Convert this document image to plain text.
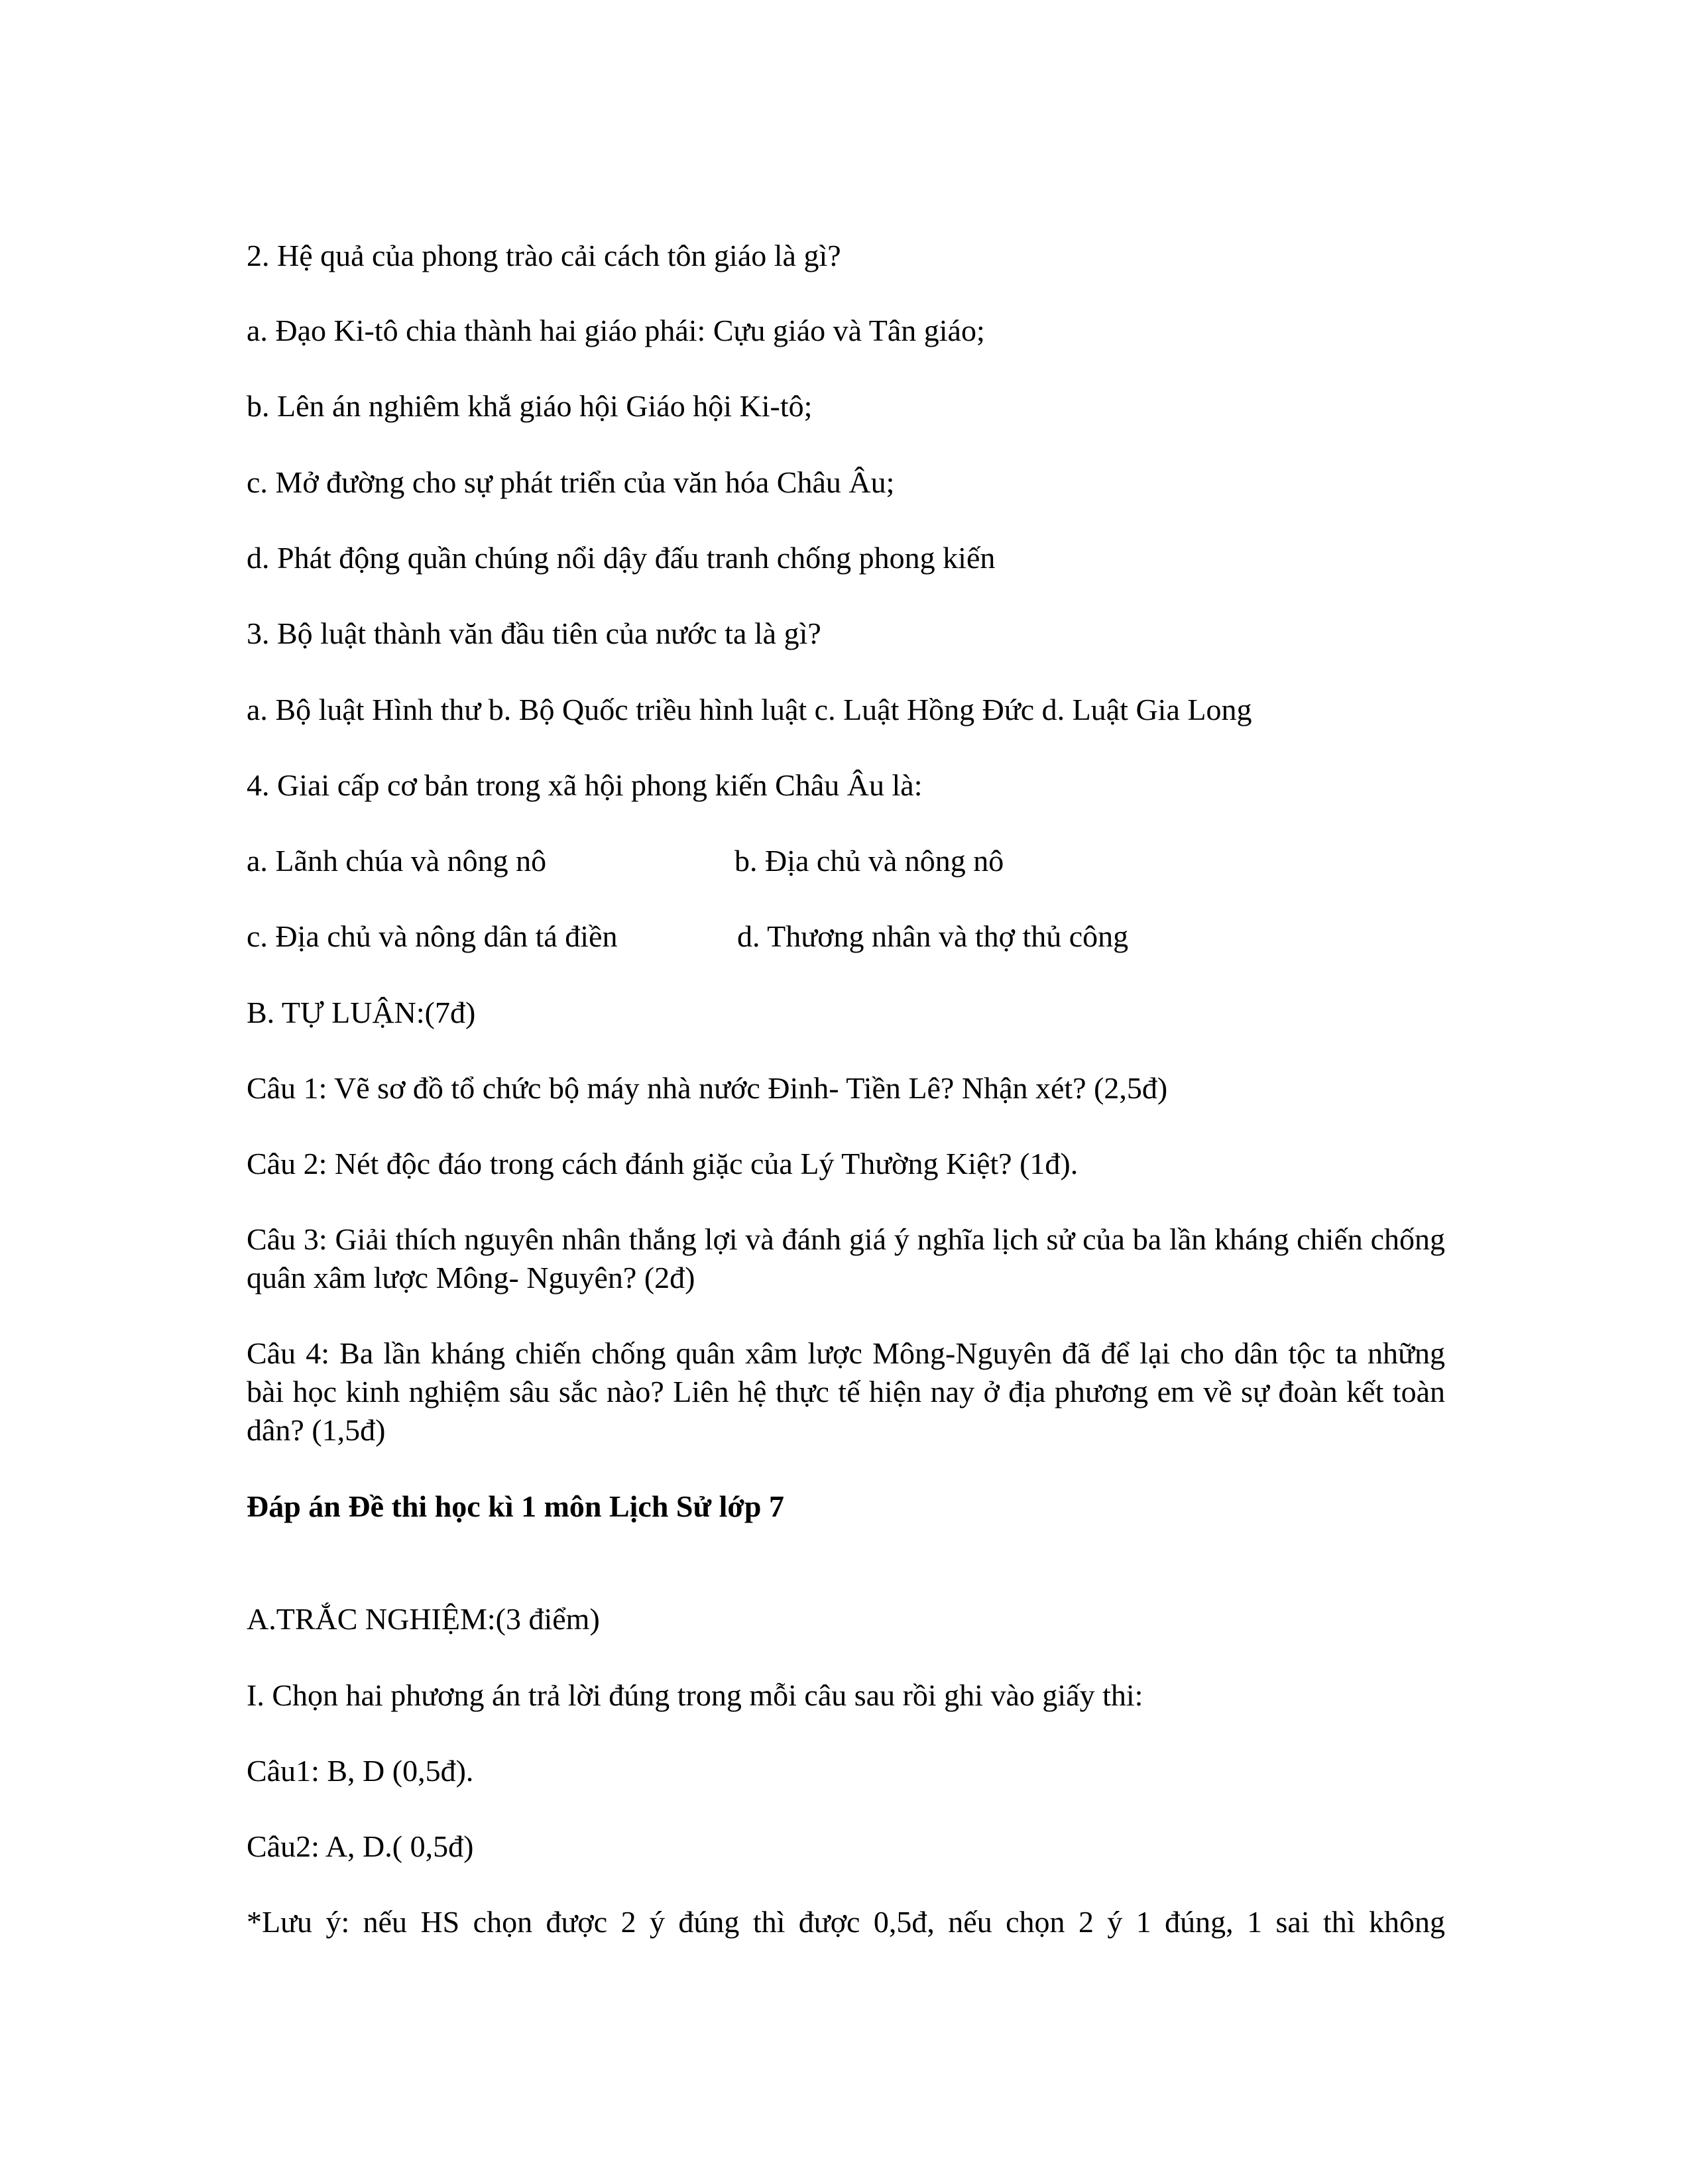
2. Hệ quả của phong trào cải cách tôn giáo là gì?
a. Đạo Ki-tô chia thành hai giáo phái: Cựu giáo và Tân giáo;
b. Lên án nghiêm khắ giáo hội Giáo hội Ki-tô;
c. Mở đường cho sự phát triển của văn hóa Châu Âu;
d. Phát động quần chúng nổi dậy đấu tranh chống phong kiến
3. Bộ luật thành văn đầu tiên của nước ta là gì?
a. Bộ luật Hình thư b. Bộ Quốc triều hình luật c. Luật Hồng Đức d. Luật Gia Long
4. Giai cấp cơ bản trong xã hội phong kiến Châu Âu là:
a. Lãnh chúa và nông nô	b. Địa chủ và nông nô
c. Địa chủ và nông dân tá điền	d. Thương nhân và thợ thủ công
B. TỰ LUẬN:(7đ)
Câu 1: Vẽ sơ đồ tổ chức bộ máy nhà nước Đinh- Tiền Lê? Nhận xét? (2,5đ)
Câu 2: Nét độc đáo trong cách đánh giặc của Lý Thường Kiệt? (1đ).
Câu 3: Giải thích nguyên nhân thắng lợi và đánh giá ý nghĩa lịch sử của ba lần kháng chiến chống quân xâm lược Mông- Nguyên? (2đ)
Câu 4: Ba lần kháng chiến chống quân xâm lược Mông-Nguyên đã để lại cho dân tộc ta những bài học kinh nghiệm sâu sắc nào? Liên hệ thực tế hiện nay ở địa phương em về sự đoàn kết toàn dân? (1,5đ)
Đáp án Đề thi học kì 1 môn Lịch Sử lớp 7
A.TRẮC NGHIỆM:(3 điểm)
I. Chọn hai phương án trả lời đúng trong mỗi câu sau rồi ghi vào giấy thi:
Câu1: B, D (0,5đ).
Câu2: A, D.( 0,5đ)
*Lưu ý: nếu HS chọn được 2 ý đúng thì được 0,5đ, nếu chọn 2 ý 1 đúng, 1 sai thì không
